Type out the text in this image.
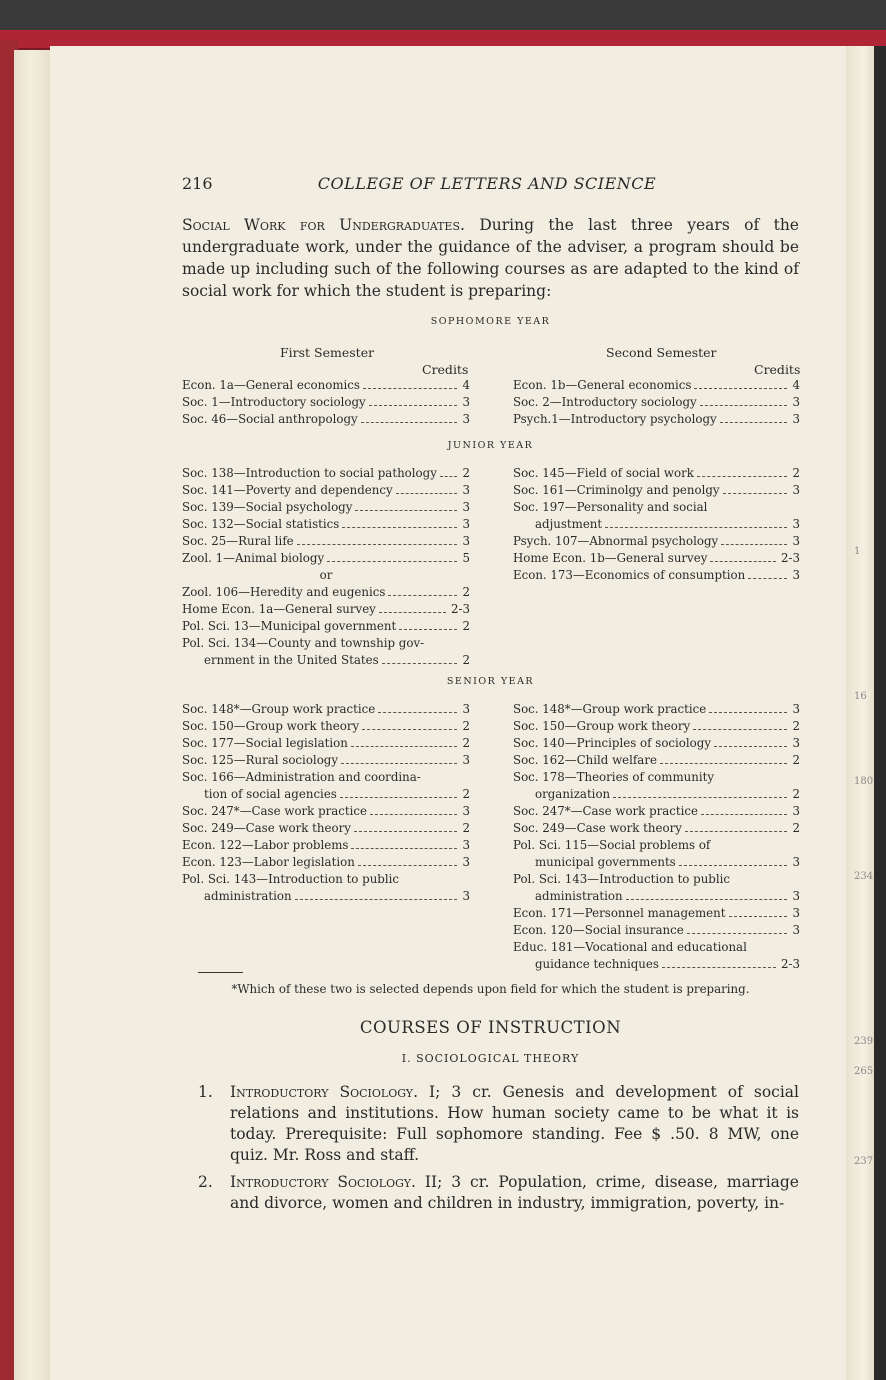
1
16
180
234
239
265
237
216	COLLEGE OF LETTERS AND SCIENCE
Social Work for Undergraduates. During the last three years of the undergraduate work, under the guidance of the adviser, a program should be made up including such of the following courses as are adapted to the kind of social work for which the student is preparing:
SOPHOMORE YEAR
First Semester	Second Semester
Credits	Credits
Econ. 1a—General economics	4
Soc. 1—Introductory sociology	3
Soc. 46—Social anthropology	3
Econ. 1b—General economics	4
Soc. 2—Introductory sociology	3
Psych.1—Introductory psychology	3
JUNIOR YEAR
Soc. 138—Introduction to social pathology 2
Soc. 141—Poverty and dependency	3
Soc. 139—Social psychology	3
Soc. 132—Social statistics	3
Soc. 25—Rural life	3
Zool. 1—Animal biology	5
or
Zool. 106—Heredity and eugenics	2
Home Econ. 1a—General survey	2-3
Pol. Sci. 13—Municipal government	2
Pol. Sci. 134—County and township gov-
ernment in the United States	2
Soc. 145—Field of social work	2
Soc. 161—Criminolgy and penolgy	3
Soc. 197—Personality and social
adjustment	3
Psych. 107—Abnormal psychology	3
Home Econ. 1b—General survey	2-3
Econ. 173—Economics of consumption	3
SENIOR YEAR
Soc. 148*—Group work practice	3
Soc. 150—Group work theory	2
Soc. 177—Social legislation	2
Soc. 125—Rural sociology	3
Soc. 166—Administration and coordina-
tion of social agencies	2
Soc. 247*—Case work practice	3
Soc. 249—Case work theory	2
Econ. 122—Labor problems	3
Econ. 123—Labor legislation	3
Pol. Sci. 143—Introduction to public
administration	3
Soc. 148*—Group work practice	3
Soc. 150—Group work theory	2
Soc. 140—Principles of sociology	3
Soc. 162—Child welfare	2
Soc. 178—Theories of community
organization	2
Soc. 247*—Case work practice	3
Soc. 249—Case work theory	2
Pol. Sci. 115—Social problems of
municipal governments	3
Pol. Sci. 143—Introduction to public
administration	3
Econ. 171—Personnel management	3
Econ. 120—Social insurance	3
Educ. 181—Vocational and educational
guidance techniques	2-3
*Which of these two is selected depends upon field for which the student is preparing.
COURSES OF INSTRUCTION
I. SOCIOLOGICAL THEORY
1. Introductory Sociology. I; 3 cr. Genesis and development of social relations and institutions. How human society came to be what it is today. Prerequisite: Full sophomore standing. Fee $ .50. 8 MW, one quiz. Mr. Ross and staff.
2. Introductory Sociology. II; 3 cr. Population, crime, disease, marriage and divorce, women and children in industry, immigration, poverty, in-
